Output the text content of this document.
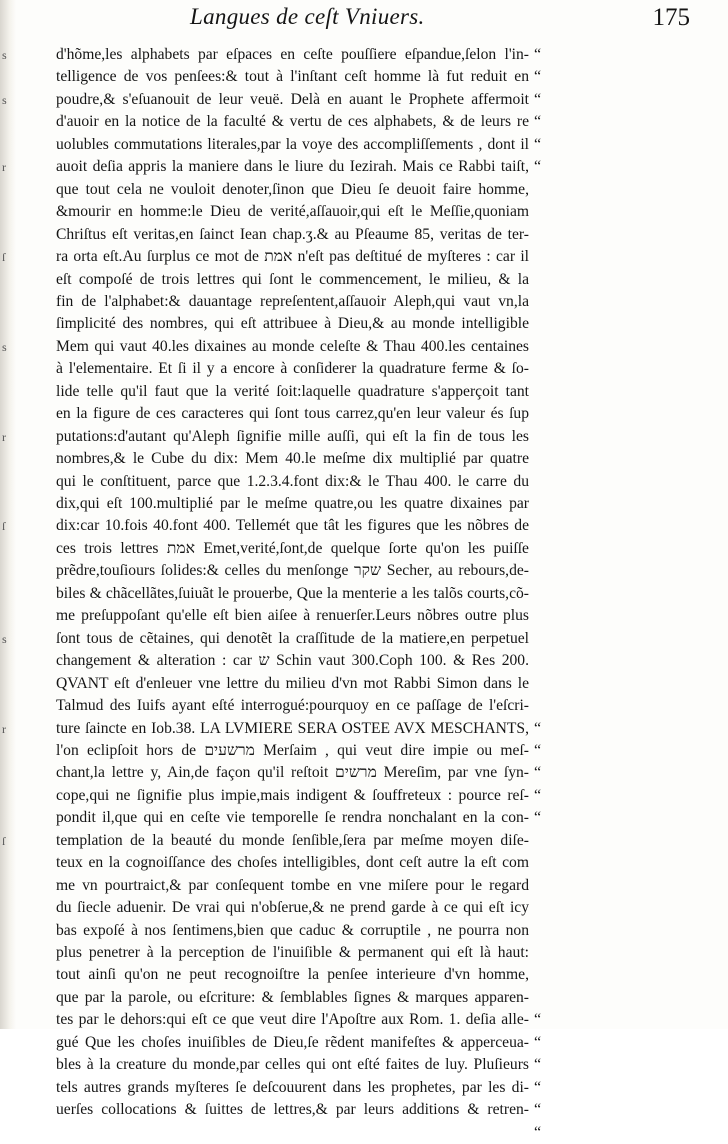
Langues de ceſt Vniuers.	175
s
s
r
ſ
s
r
ſ
s
r
ſ
d'hõme,les alphabets par eſpaces en ceſte pouſſiere eſpandue,ſelon l'in-
telligence de vos penſees:& tout à l'inſtant ceſt homme là fut reduit en
poudre,& s'eſuanouit de leur veuë. Delà en auant le Prophete affermoit
d'auoir en la notice de la faculté & vertu de ces alphabets, & de leurs re
uolubles commutations literales,par la voye des accompliſſements , dont il
auoit deſia appris la maniere dans le liure du Iezirah. Mais ce Rabbi taiſt,
que tout cela ne vouloit denoter,ſinon que Dieu ſe deuoit faire homme,
&mourir en homme:le Dieu de verité,aſſauoir,qui eſt le Meſſie,quoniam
Chriſtus eſt veritas,en ſainct Iean chap.ʒ.& au Pſeaume 85, veritas de ter-
ra orta eſt.Au ſurplus ce mot de אמת n'eſt pas deſtitué de myſteres : car il
eſt compoſé de trois lettres qui ſont le commencement, le milieu, & la
fin de l'alphabet:& dauantage repreſentent,aſſauoir Aleph,qui vaut vn,la
ſimplicité des nombres, qui eſt attribuee à Dieu,& au monde intelligible
Mem qui vaut 40.les dixaines au monde celeſte & Thau 400.les centaines
à l'elementaire. Et ſi il y a encore à conſiderer la quadrature ferme & ſo-
lide telle qu'il faut que la verité ſoit:laquelle quadrature s'apperçoit tant
en la figure de ces caracteres qui ſont tous carrez,qu'en leur valeur és ſup
putations:d'autant qu'Aleph ſignifie mille auſſi, qui eſt la fin de tous les
nombres,& le Cube du dix: Mem 40.le meſme dix multiplié par quatre
qui le conſtituent, parce que 1.2.3.4.font dix:& le Thau 400. le carre du
dix,qui eſt 100.multiplié par le meſme quatre,ou les quatre dixaines par
dix:car 10.fois 40.font 400. Tellemét que tât les figures que les nõbres de
ces trois lettres אמת Emet,verité,ſont,de quelque ſorte qu'on les puiſſe
prẽdre,touſiours ſolides:& celles du menſonge שקר Secher, au rebours,de-
biles & chãcellãtes,ſuiuãt le prouerbe, Que la menterie a les talõs courts,cõ-
me preſuppoſant qu'elle eſt bien aiſee à renuerſer.Leurs nõbres outre plus
ſont tous de cẽtaines, qui denotẽt la craſſitude de la matiere,en perpetuel
changement & alteration : car ש Schin vaut 300.Coph 100. & Res 200.
QVANT eſt d'enleuer vne lettre du milieu d'vn mot Rabbi Simon dans le
Talmud des Iuifs ayant eſté interrogué:pourquoy en ce paſſage de l'eſcri-
ture ſaincte en Iob.38. LA LVMIERE SERA OSTEE AVX MESCHANTS,
l'on eclipſoit hors de מרשעים Merſaim , qui veut dire impie ou meſ-
chant,la lettre y, Ain,de façon qu'il reſtoit מרשים Mereſim, par vne ſyn-
cope,qui ne ſignifie plus impie,mais indigent & ſouffreteux : pource reſ-
pondit il,que qui en ceſte vie temporelle ſe rendra nonchalant en la con-
templation de la beauté du monde ſenſible,ſera par meſme moyen diſe-
teux en la cognoiſſance des choſes intelligibles, dont ceſt autre la eſt com
me vn pourtraict,& par conſequent tombe en vne miſere pour le regard
du ſiecle aduenir. De vrai qui n'obſerue,& ne prend garde à ce qui eſt icy
bas expoſé à nos ſentimens,bien que caduc & corruptile , ne pourra non
plus penetrer à la perception de l'inuiſible & permanent qui eſt là haut:
tout ainſi qu'on ne peut recognoiſtre la penſee interieure d'vn homme,
que par la parole, ou eſcriture: & ſemblables ſignes & marques apparen-
tes par le dehors:qui eſt ce que veut dire l'Apoſtre aux Rom. 1. deſia alle-
gué Que les choſes inuiſibles de Dieu,ſe rẽdent manifeſtes & apperceua-
bles à la creature du monde,par celles qui ont eſté faites de luy. Pluſieurs
tels autres grands myſteres ſe deſcouurent dans les prophetes, par les di-
uerſes collocations & ſuittes de lettres,& par leurs additions & retren-
“
“
“
“
“
“
“
“
“
“
“
“
“
“
“
“
“
